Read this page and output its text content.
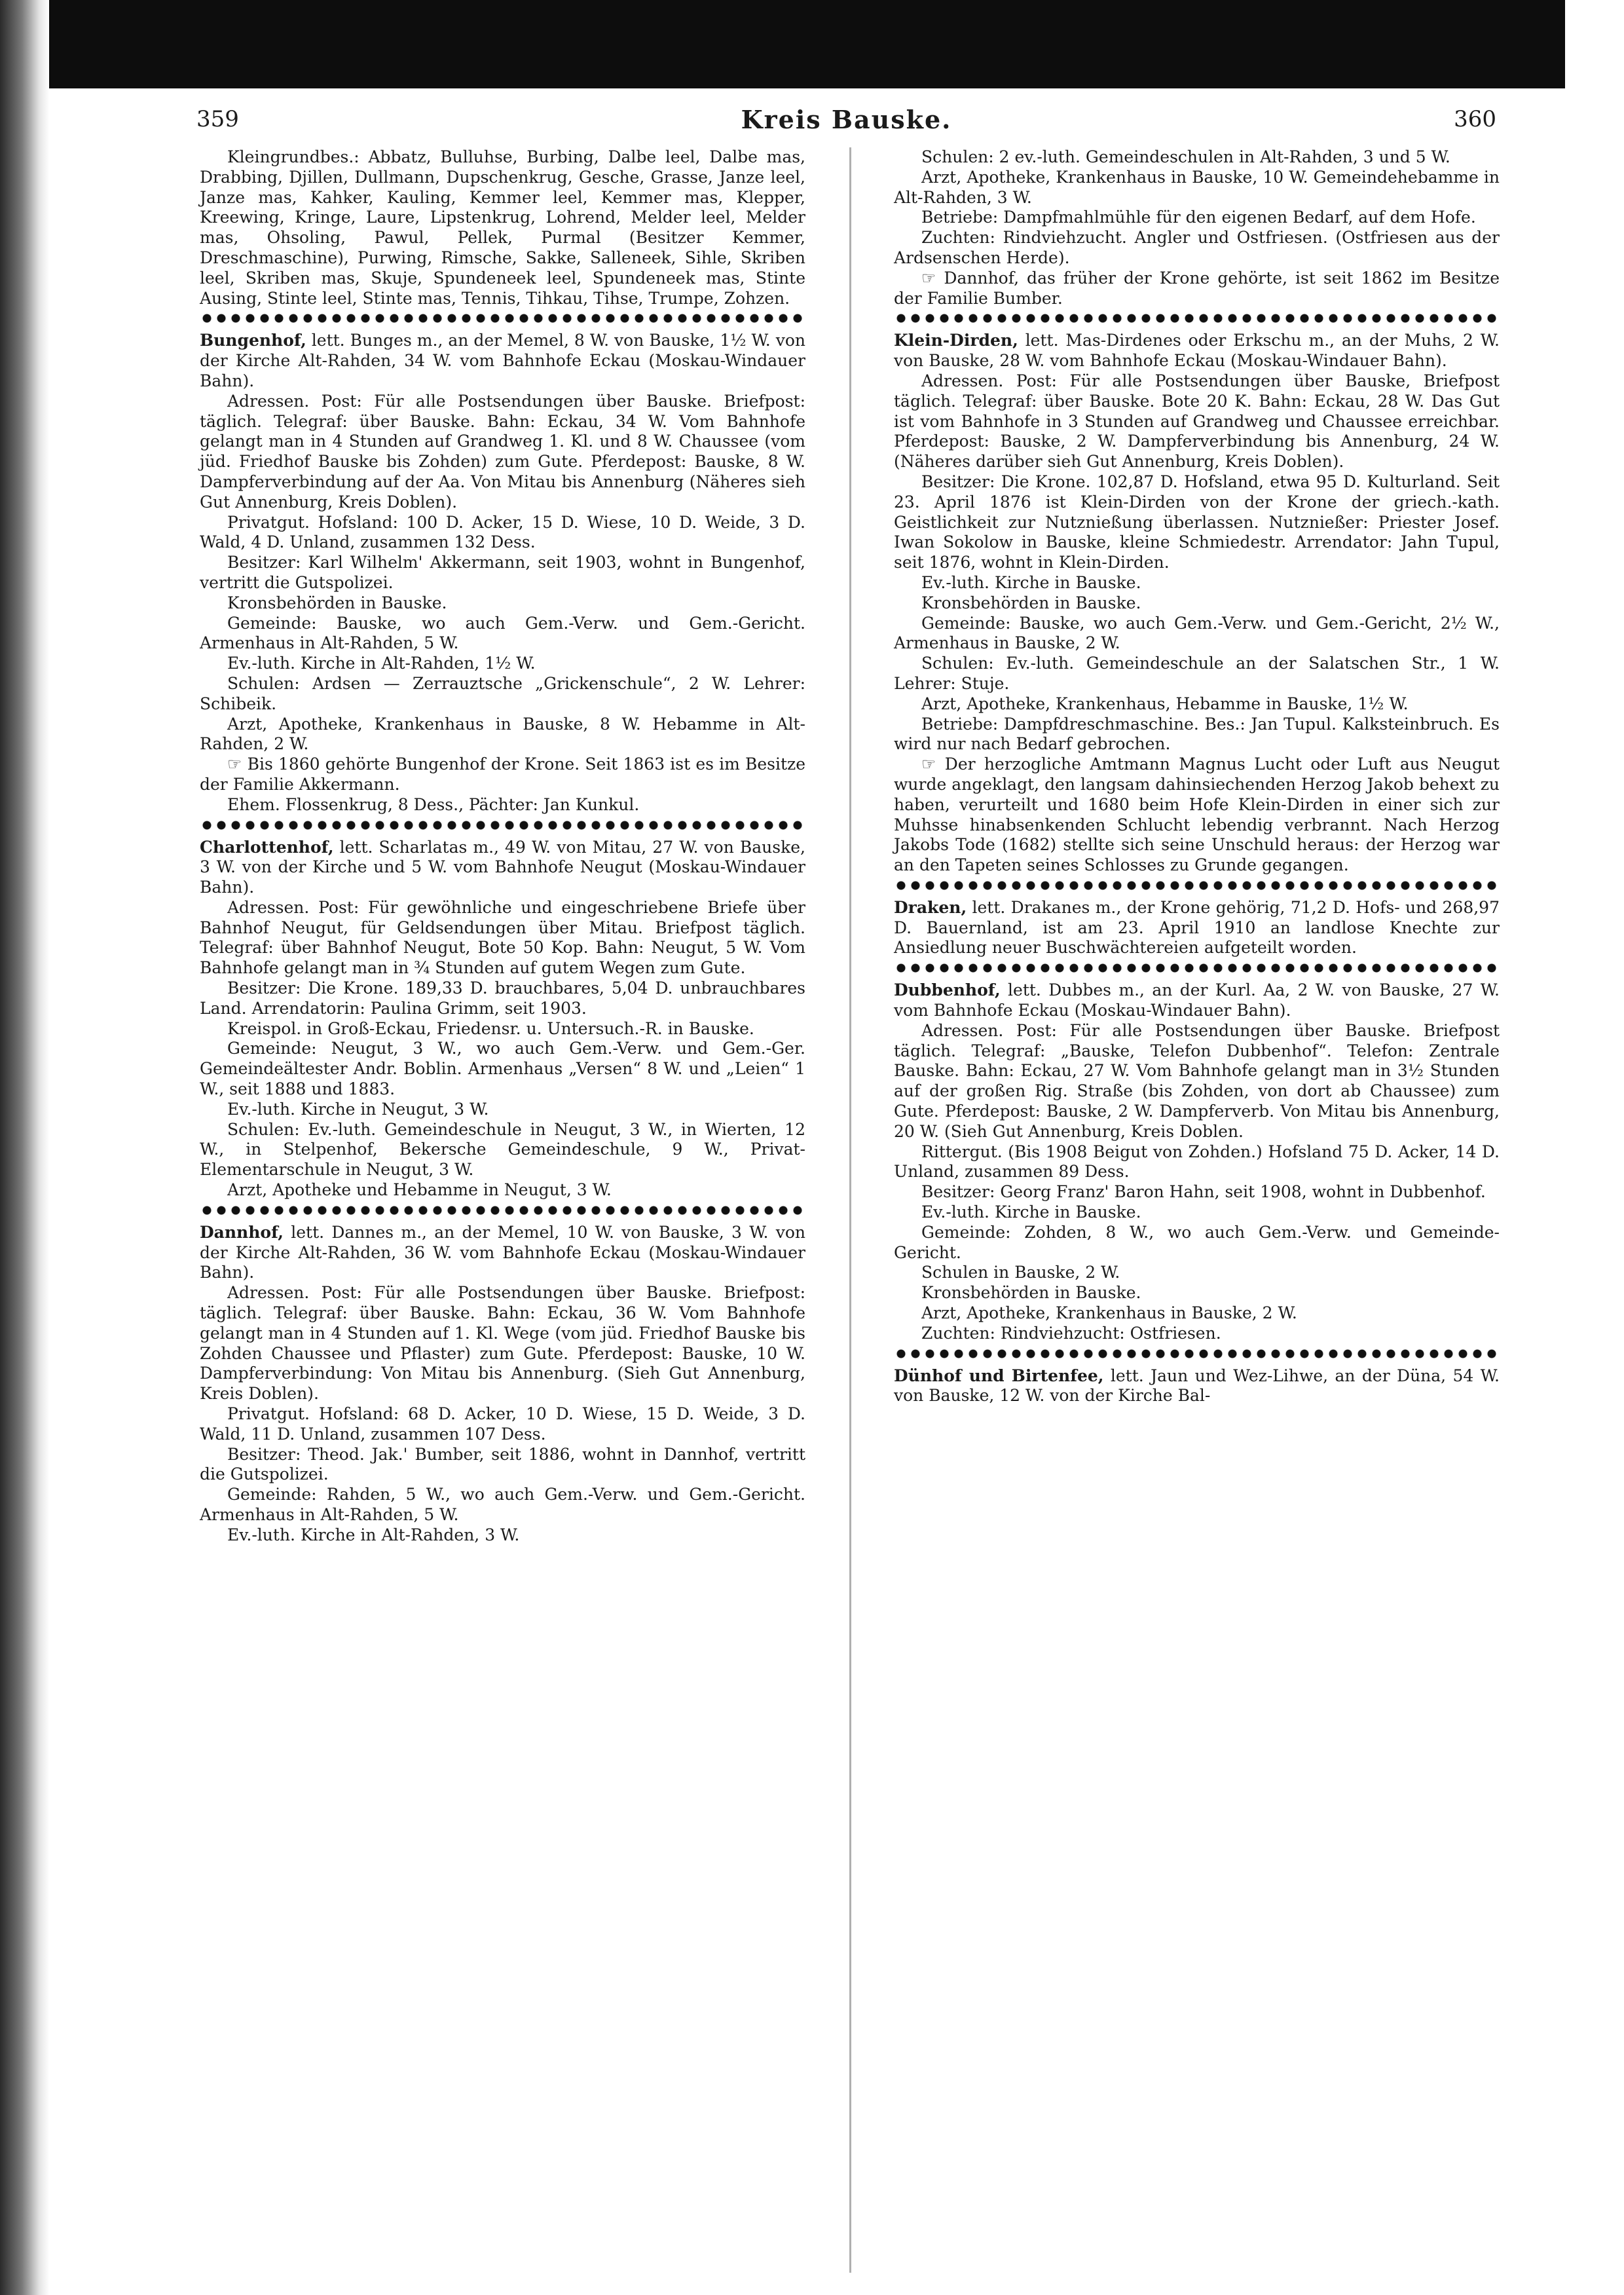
359	Kreis Bauske.	360

Kleingrundbes.: Abbatz, Bulluhse, Burbing, Dalbe leel, Dalbe mas, Drabbing, Djillen, Dullmann, Dupschenkrug, Gesche, Grasse, Janze leel, Janze mas, Kahker, Kauling, Kemmer leel, Kemmer mas, Klepper, Kreewing, Kringe, Laure, Lipstenkrug, Lohrend, Melder leel, Melder mas, Ohsoling, Pawul, Pellek, Purmal (Besitzer Kemmer, Dreschmaschine), Purwing, Rimsche, Sakke, Salleneek, Sihle, Skriben leel, Skriben mas, Skuje, Spundeneek leel, Spundeneek mas, Stinte Ausing, Stinte leel, Stinte mas, Tennis, Tihkau, Tihse, Trumpe, Zohzen.

Bungenhof, lett. Bunges m., an der Memel, 8 W. von Bauske, 1½ W. von der Kirche Alt-Rahden, 34 W. vom Bahnhofe Eckau (Moskau-Windauer Bahn).

Adressen. Post: Für alle Postsendungen über Bauske. Briefpost: täglich. Telegraf: über Bauske. Bahn: Eckau, 34 W. Vom Bahnhofe gelangt man in 4 Stunden auf Grandweg 1. Kl. und 8 W. Chaussee (vom jüd. Friedhof Bauske bis Zohden) zum Gute. Pferdepost: Bauske, 8 W. Dampferverbindung auf der Aa. Von Mitau bis Annenburg (Näheres sieh Gut Annenburg, Kreis Doblen).

Privatgut. Hofsland: 100 D. Acker, 15 D. Wiese, 10 D. Weide, 3 D. Wald, 4 D. Unland, zusammen 132 Dess.

Besitzer: Karl Wilhelm' Akkermann, seit 1903, wohnt in Bungenhof, vertritt die Gutspolizei.

Kronsbehörden in Bauske.

Gemeinde: Bauske, wo auch Gem.-Verw. und Gem.-Gericht. Armenhaus in Alt-Rahden, 5 W.

Ev.-luth. Kirche in Alt-Rahden, 1½ W.

Schulen: Ardsen — Zerrauztsche „Grickenschule“, 2 W. Lehrer: Schibeik.

Arzt, Apotheke, Krankenhaus in Bauske, 8 W. Hebamme in Alt-Rahden, 2 W.

☞ Bis 1860 gehörte Bungenhof der Krone. Seit 1863 ist es im Besitze der Familie Akkermann.

Ehem. Flossenkrug, 8 Dess., Pächter: Jan Kunkul.

Charlottenhof, lett. Scharlatas m., 49 W. von Mitau, 27 W. von Bauske, 3 W. von der Kirche und 5 W. vom Bahnhofe Neugut (Moskau-Windauer Bahn).

Adressen. Post: Für gewöhnliche und eingeschriebene Briefe über Bahnhof Neugut, für Geldsendungen über Mitau. Briefpost täglich. Telegraf: über Bahnhof Neugut, Bote 50 Kop. Bahn: Neugut, 5 W. Vom Bahnhofe gelangt man in ¾ Stunden auf gutem Wegen zum Gute.

Besitzer: Die Krone. 189,33 D. brauchbares, 5,04 D. unbrauchbares Land. Arrendatorin: Paulina Grimm, seit 1903.

Kreispol. in Groß-Eckau, Friedensr. u. Untersuch.-R. in Bauske.

Gemeinde: Neugut, 3 W., wo auch Gem.-Verw. und Gem.-Ger. Gemeindeältester Andr. Boblin. Armenhaus „Versen“ 8 W. und „Leien“ 1 W., seit 1888 und 1883.

Ev.-luth. Kirche in Neugut, 3 W.

Schulen: Ev.-luth. Gemeindeschule in Neugut, 3 W., in Wierten, 12 W., in Stelpenhof, Bekersche Gemeindeschule, 9 W., Privat-Elementarschule in Neugut, 3 W.

Arzt, Apotheke und Hebamme in Neugut, 3 W.

Dannhof, lett. Dannes m., an der Memel, 10 W. von Bauske, 3 W. von der Kirche Alt-Rahden, 36 W. vom Bahnhofe Eckau (Moskau-Windauer Bahn).

Adressen. Post: Für alle Postsendungen über Bauske. Briefpost: täglich. Telegraf: über Bauske. Bahn: Eckau, 36 W. Vom Bahnhofe gelangt man in 4 Stunden auf 1. Kl. Wege (vom jüd. Friedhof Bauske bis Zohden Chaussee und Pflaster) zum Gute. Pferdepost: Bauske, 10 W. Dampferverbindung: Von Mitau bis Annenburg. (Sieh Gut Annenburg, Kreis Doblen).

Privatgut. Hofsland: 68 D. Acker, 10 D. Wiese, 15 D. Weide, 3 D. Wald, 11 D. Unland, zusammen 107 Dess.

Besitzer: Theod. Jak.' Bumber, seit 1886, wohnt in Dannhof, vertritt die Gutspolizei.

Gemeinde: Rahden, 5 W., wo auch Gem.-Verw. und Gem.-Gericht. Armenhaus in Alt-Rahden, 5 W.

Ev.-luth. Kirche in Alt-Rahden, 3 W.

Schulen: 2 ev.-luth. Gemeindeschulen in Alt-Rahden, 3 und 5 W.

Arzt, Apotheke, Krankenhaus in Bauske, 10 W. Gemeindehebamme in Alt-Rahden, 3 W.

Betriebe: Dampfmahlmühle für den eigenen Bedarf, auf dem Hofe.

Zuchten: Rindviehzucht. Angler und Ostfriesen. (Ostfriesen aus der Ardsenschen Herde).

☞ Dannhof, das früher der Krone gehörte, ist seit 1862 im Besitze der Familie Bumber.

Klein-Dirden, lett. Mas-Dirdenes oder Erkschu m., an der Muhs, 2 W. von Bauske, 28 W. vom Bahnhofe Eckau (Moskau-Windauer Bahn).

Adressen. Post: Für alle Postsendungen über Bauske, Briefpost täglich. Telegraf: über Bauske. Bote 20 K. Bahn: Eckau, 28 W. Das Gut ist vom Bahnhofe in 3 Stunden auf Grandweg und Chaussee erreichbar. Pferdepost: Bauske, 2 W. Dampferverbindung bis Annenburg, 24 W. (Näheres darüber sieh Gut Annenburg, Kreis Doblen).

Besitzer: Die Krone. 102,87 D. Hofsland, etwa 95 D. Kulturland. Seit 23. April 1876 ist Klein-Dirden von der Krone der griech.-kath. Geistlichkeit zur Nutznießung überlassen. Nutznießer: Priester Josef. Iwan Sokolow in Bauske, kleine Schmiedestr. Arrendator: Jahn Tupul, seit 1876, wohnt in Klein-Dirden.

Ev.-luth. Kirche in Bauske.

Kronsbehörden in Bauske.

Gemeinde: Bauske, wo auch Gem.-Verw. und Gem.-Gericht, 2½ W., Armenhaus in Bauske, 2 W.

Schulen: Ev.-luth. Gemeindeschule an der Salatschen Str., 1 W. Lehrer: Stuje.

Arzt, Apotheke, Krankenhaus, Hebamme in Bauske, 1½ W.

Betriebe: Dampfdreschmaschine. Bes.: Jan Tupul. Kalksteinbruch. Es wird nur nach Bedarf gebrochen.

☞ Der herzogliche Amtmann Magnus Lucht oder Luft aus Neugut wurde angeklagt, den langsam dahinsiechenden Herzog Jakob behext zu haben, verurteilt und 1680 beim Hofe Klein-Dirden in einer sich zur Muhsse hinabsenkenden Schlucht lebendig verbrannt. Nach Herzog Jakobs Tode (1682) stellte sich seine Unschuld heraus: der Herzog war an den Tapeten seines Schlosses zu Grunde gegangen.

Draken, lett. Drakanes m., der Krone gehörig, 71,2 D. Hofs- und 268,97 D. Bauernland, ist am 23. April 1910 an landlose Knechte zur Ansiedlung neuer Buschwächtereien aufgeteilt worden.

Dubbenhof, lett. Dubbes m., an der Kurl. Aa, 2 W. von Bauske, 27 W. vom Bahnhofe Eckau (Moskau-Windauer Bahn).

Adressen. Post: Für alle Postsendungen über Bauske. Briefpost täglich. Telegraf: „Bauske, Telefon Dubbenhof“. Telefon: Zentrale Bauske. Bahn: Eckau, 27 W. Vom Bahnhofe gelangt man in 3½ Stunden auf der großen Rig. Straße (bis Zohden, von dort ab Chaussee) zum Gute. Pferdepost: Bauske, 2 W. Dampferverb. Von Mitau bis Annenburg, 20 W. (Sieh Gut Annenburg, Kreis Doblen.

Rittergut. (Bis 1908 Beigut von Zohden.) Hofsland 75 D. Acker, 14 D. Unland, zusammen 89 Dess.

Besitzer: Georg Franz' Baron Hahn, seit 1908, wohnt in Dubbenhof.

Ev.-luth. Kirche in Bauske.

Gemeinde: Zohden, 8 W., wo auch Gem.-Verw. und Gemeinde-Gericht.

Schulen in Bauske, 2 W.

Kronsbehörden in Bauske.

Arzt, Apotheke, Krankenhaus in Bauske, 2 W.

Zuchten: Rindviehzucht: Ostfriesen.

Dünhof und Birtenfee, lett. Jaun und Wez-Lihwe, an der Düna, 54 W. von Bauske, 12 W. von der Kirche Bal-
